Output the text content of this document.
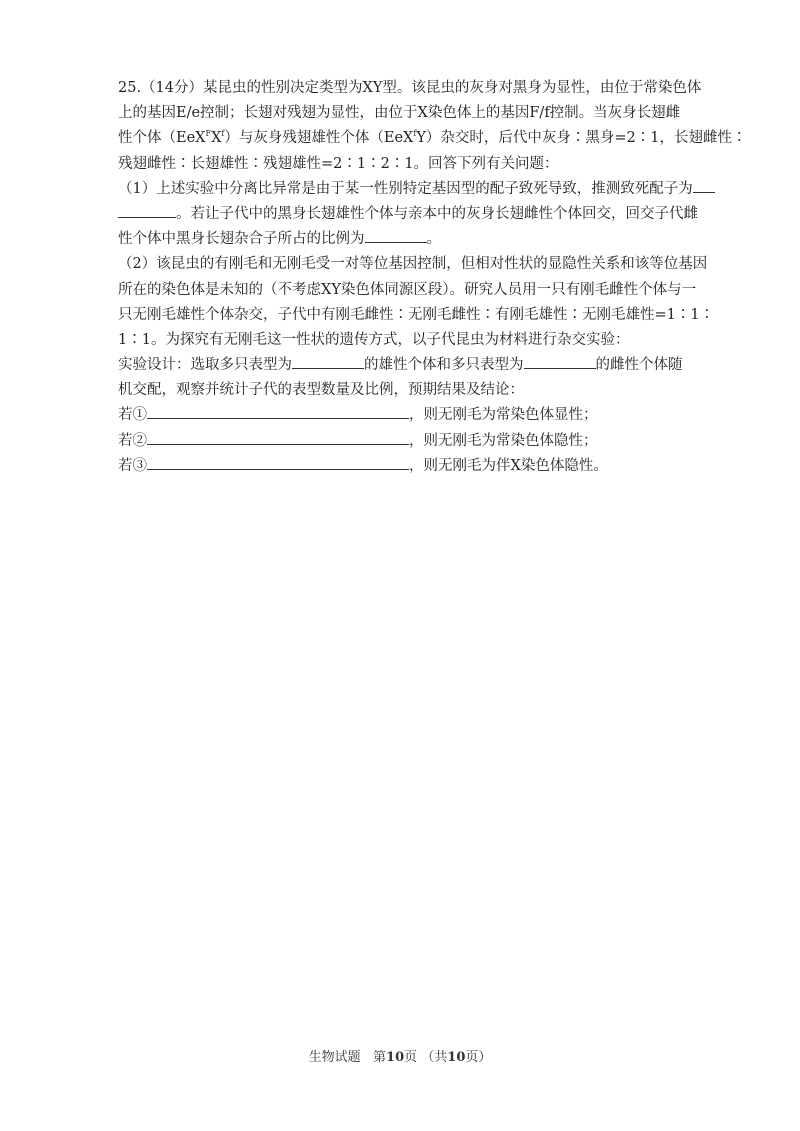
25.（14分）某昆虫的性别决定类型为XY型。该昆虫的灰身对黑身为显性，由位于常染色体
上的基因E/e控制；长翅对残翅为显性，由位于X染色体上的基因F/f控制。当灰身长翅雌
性个体$(EeX^FX^f)$与灰身残翅雄性个体（EeX$^f$Y）杂交时，后代中灰身∶黑身=2∶1，长翅雌性∶
残翅雌性∶长翅雄性∶残翅雄性=2∶1∶2∶1。回答下列有关问题：
（1）上述实验中分离比异常是由于某一性别特定基因型的配子致死导致，推测致死配子为
。若让子代中的黑身长翅雄性个体与亲本中的灰身长翅雌性个体回交，回交子代雌
性个体中黑身长翅杂合子所占的比例为	。
（2）该昆虫的有刚毛和无刚毛受一对等位基因控制，但相对性状的显隐性关系和该等位基因
所在的染色体是未知的（不考虑XY染色体同源区段）。研究人员用一只有刚毛雌性个体与一
只无刚毛雄性个体杂交，子代中有刚毛雌性∶无刚毛雌性∶有刚毛雄性∶无刚毛雄性=1∶1∶
1∶1。为探究有无刚毛这一性状的遗传方式，以子代昆虫为材料进行杂交实验：
实验设计：选取多只表型为	的雄性个体和多只表型为	的雌性个体随
机交配，观察并统计子代的表型数量及比例，预期结果及结论：
若①	，则无刚毛为常染色体显性；
若②	，则无刚毛为常染色体隐性；
若③	，则无刚毛为伴X染色体隐性。
生物试题 第10页 （共10页）
